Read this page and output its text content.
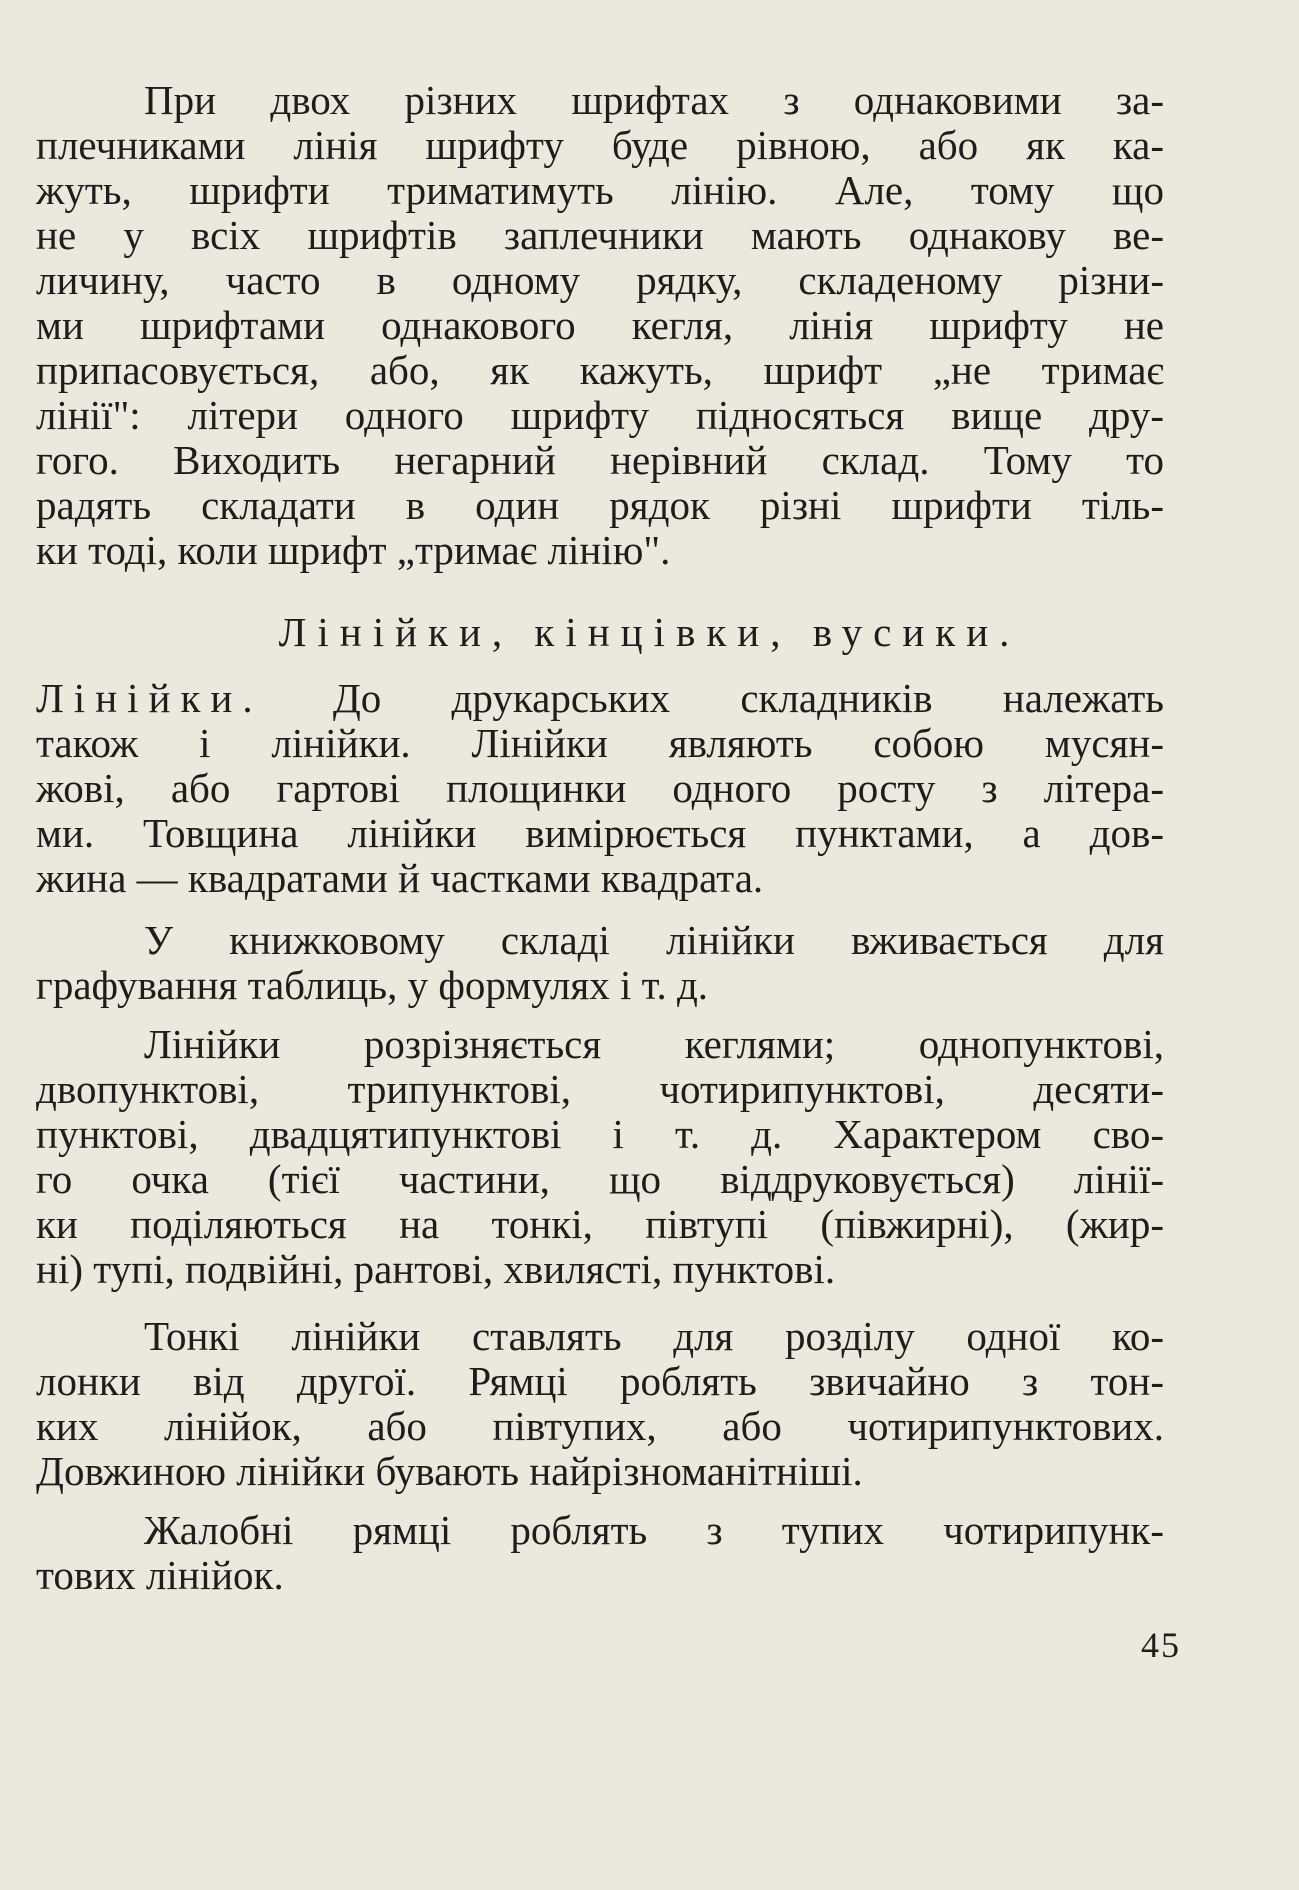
При двох різних шрифтах з однаковими за-
плечниками лінія шрифту буде рівною, або як ка-
жуть, шрифти триматимуть лінію. Але, тому що
не у всіх шрифтів заплечники мають однакову ве-
личину, часто в одному рядку, складеному різни-
ми шрифтами однакового кегля, лінія шрифту не
припасовується, або, як кажуть, шрифт „не тримає
лінії": літери одного шрифту підносяться вище дру-
гого. Виходить негарний нерівний склад. Тому то
радять складати в один рядок різні шрифти тіль-
ки тоді, коли шрифт „тримає лінію".
Лінійки, кінцівки, вусики.
Лінійки. До друкарських складників належать
також і лінійки. Лінійки являють собою мусян-
жові, або гартові площинки одного росту з літера-
ми. Товщина лінійки вимірюється пунктами, а дов-
жина — квадратами й частками квадрата.
У книжковому складі лінійки вживається для
графування таблиць, у формулях і т. д.
Лінійки розрізняється кеглями; однопунктові,
двопунктові, трипунктові, чотирипунктові, десяти-
пунктові, двадцятипунктові і т. д. Характером сво-
го очка (тієї частини, що віддруковується) лінії-
ки поділяються на тонкі, півтупі (півжирні), (жир-
ні) тупі, подвійні, рантові, хвилясті, пунктові.
Тонкі лінійки ставлять для розділу одної ко-
лонки від другої. Рямці роблять звичайно з тон-
ких лінійок, або півтупих, або чотирипунктових.
Довжиною лінійки бувають найрізноманітніші.
Жалобні рямці роблять з тупих чотирипунк-
тових лінійок.
45
